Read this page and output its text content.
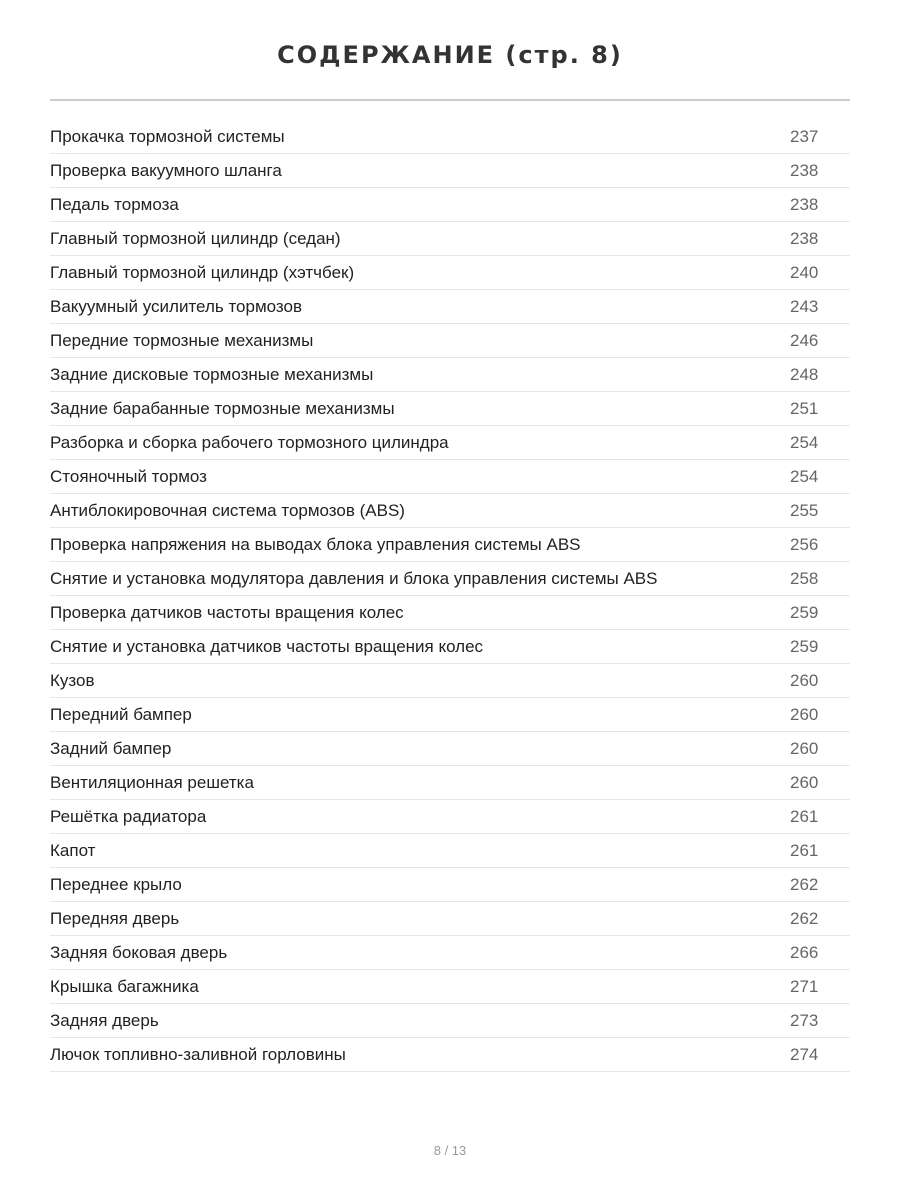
СОДЕРЖАНИЕ (стр. 8)
Прокачка тормозной системы	237
Проверка вакуумного шланга	238
Педаль тормоза	238
Главный тормозной цилиндр (седан)	238
Главный тормозной цилиндр (хэтчбек)	240
Вакуумный усилитель тормозов	243
Передние тормозные механизмы	246
Задние дисковые тормозные механизмы	248
Задние барабанные тормозные механизмы	251
Разборка и сборка рабочего тормозного цилиндра	254
Стояночный тормоз	254
Антиблокировочная система тормозов (ABS)	255
Проверка напряжения на выводах блока управления системы ABS	256
Снятие и установка модулятора давления и блока управления системы ABS	258
Проверка датчиков частоты вращения колес	259
Снятие и установка датчиков частоты вращения колес	259
Кузов	260
Передний бампер	260
Задний бампер	260
Вентиляционная решетка	260
Решётка радиатора	261
Капот	261
Переднее крыло	262
Передняя дверь	262
Задняя боковая дверь	266
Крышка багажника	271
Задняя дверь	273
Лючок топливно-заливной горловины	274
8 / 13
